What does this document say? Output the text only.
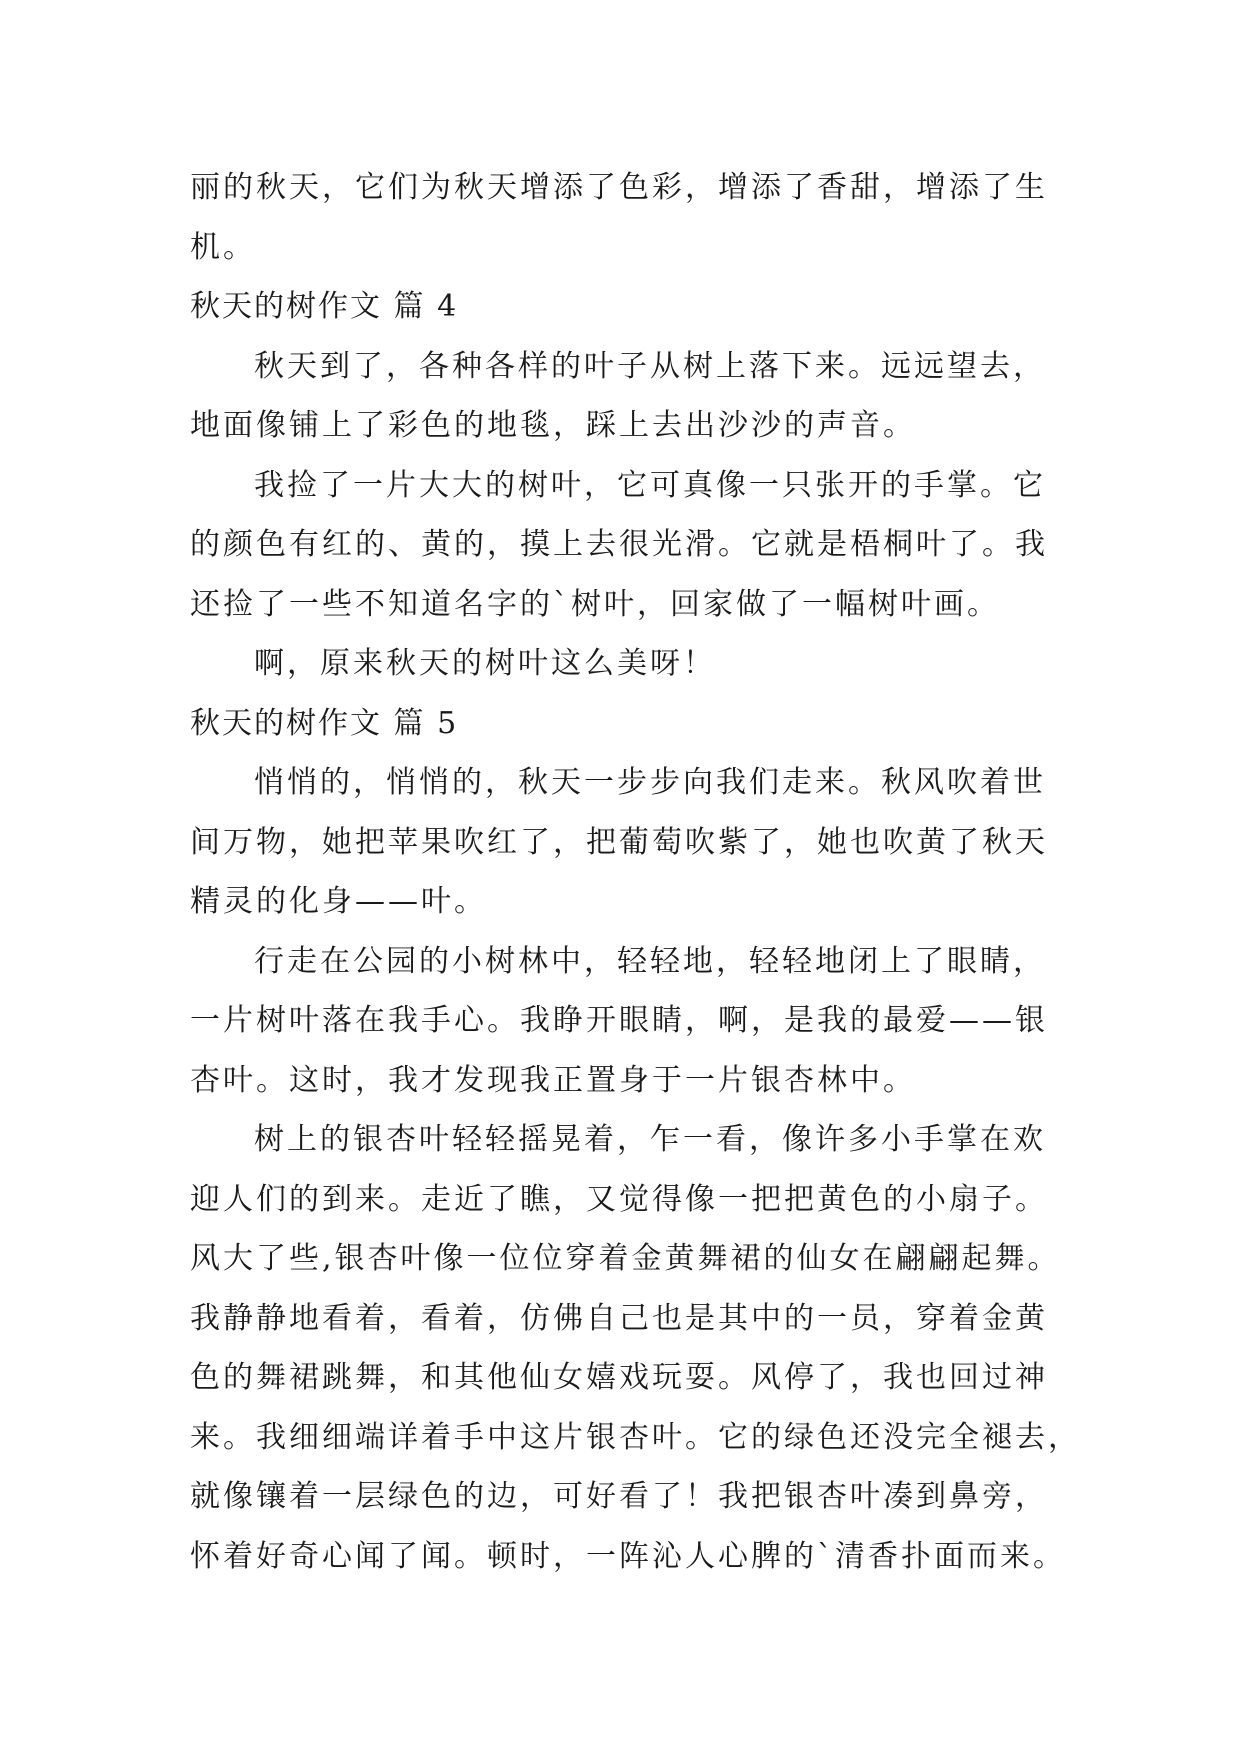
丽的秋天，它们为秋天增添了色彩，增添了香甜，增添了生
机。
秋天的树作文 篇 4
秋天到了，各种各样的叶子从树上落下来。远远望去，
地面像铺上了彩色的地毯，踩上去出沙沙的声音。
我捡了一片大大的树叶，它可真像一只张开的手掌。它
的颜色有红的、黄的，摸上去很光滑。它就是梧桐叶了。我
还捡了一些不知道名字的`树叶，回家做了一幅树叶画。
啊，原来秋天的树叶这么美呀！
秋天的树作文 篇 5
悄悄的，悄悄的，秋天一步步向我们走来。秋风吹着世
间万物，她把苹果吹红了，把葡萄吹紫了，她也吹黄了秋天
精灵的化身——叶。
行走在公园的小树林中，轻轻地，轻轻地闭上了眼睛，
一片树叶落在我手心。我睁开眼睛，啊，是我的最爱——银
杏叶。这时，我才发现我正置身于一片银杏林中。
树上的银杏叶轻轻摇晃着，乍一看，像许多小手掌在欢
迎人们的到来。走近了瞧，又觉得像一把把黄色的小扇子。
风大了些,银杏叶像一位位穿着金黄舞裙的仙女在翩翩起舞。
我静静地看着，看着，仿佛自己也是其中的一员，穿着金黄
色的舞裙跳舞，和其他仙女嬉戏玩耍。风停了，我也回过神
来。我细细端详着手中这片银杏叶。它的绿色还没完全褪去，
就像镶着一层绿色的边，可好看了！我把银杏叶凑到鼻旁，
怀着好奇心闻了闻。顿时，一阵沁人心脾的`清香扑面而来。
